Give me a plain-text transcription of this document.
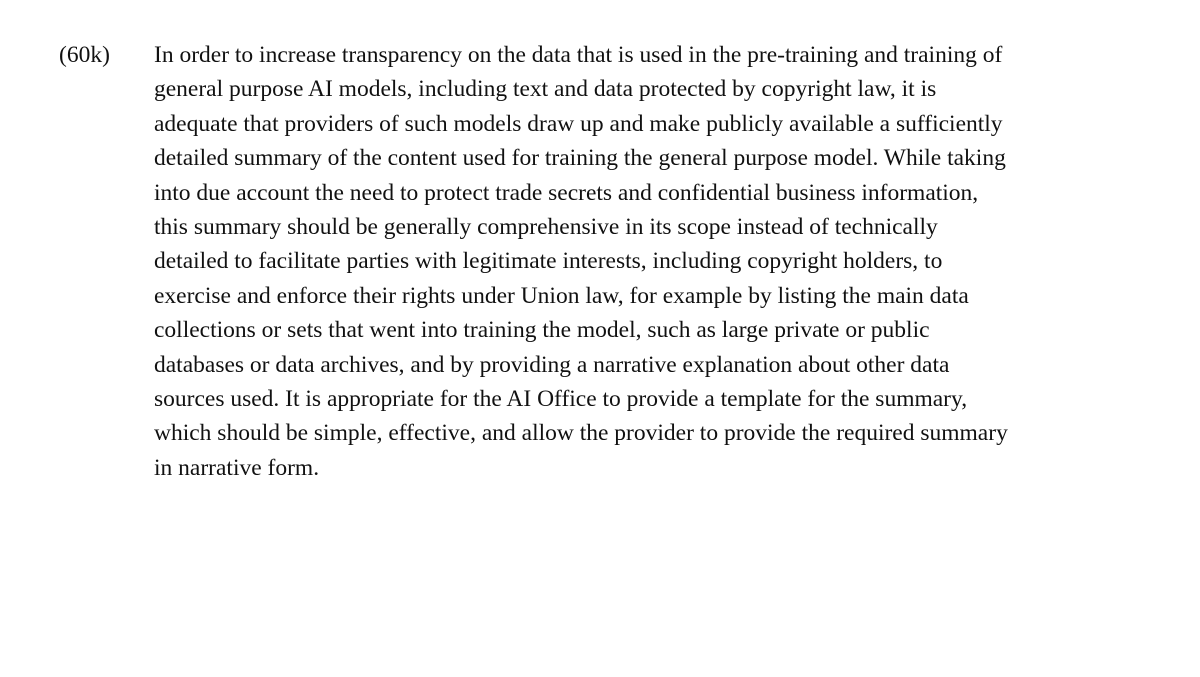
(60k) In order to increase transparency on the data that is used in the pre-training and training of
general purpose AI models, including text and data protected by copyright law, it is
adequate that providers of such models draw up and make publicly available a sufficiently
detailed summary of the content used for training the general purpose model. While taking
into due account the need to protect trade secrets and confidential business information,
this summary should be generally comprehensive in its scope instead of technically
detailed to facilitate parties with legitimate interests, including copyright holders, to
exercise and enforce their rights under Union law, for example by listing the main data
collections or sets that went into training the model, such as large private or public
databases or data archives, and by providing a narrative explanation about other data
sources used. It is appropriate for the AI Office to provide a template for the summary,
which should be simple, effective, and allow the provider to provide the required summary
in narrative form.
